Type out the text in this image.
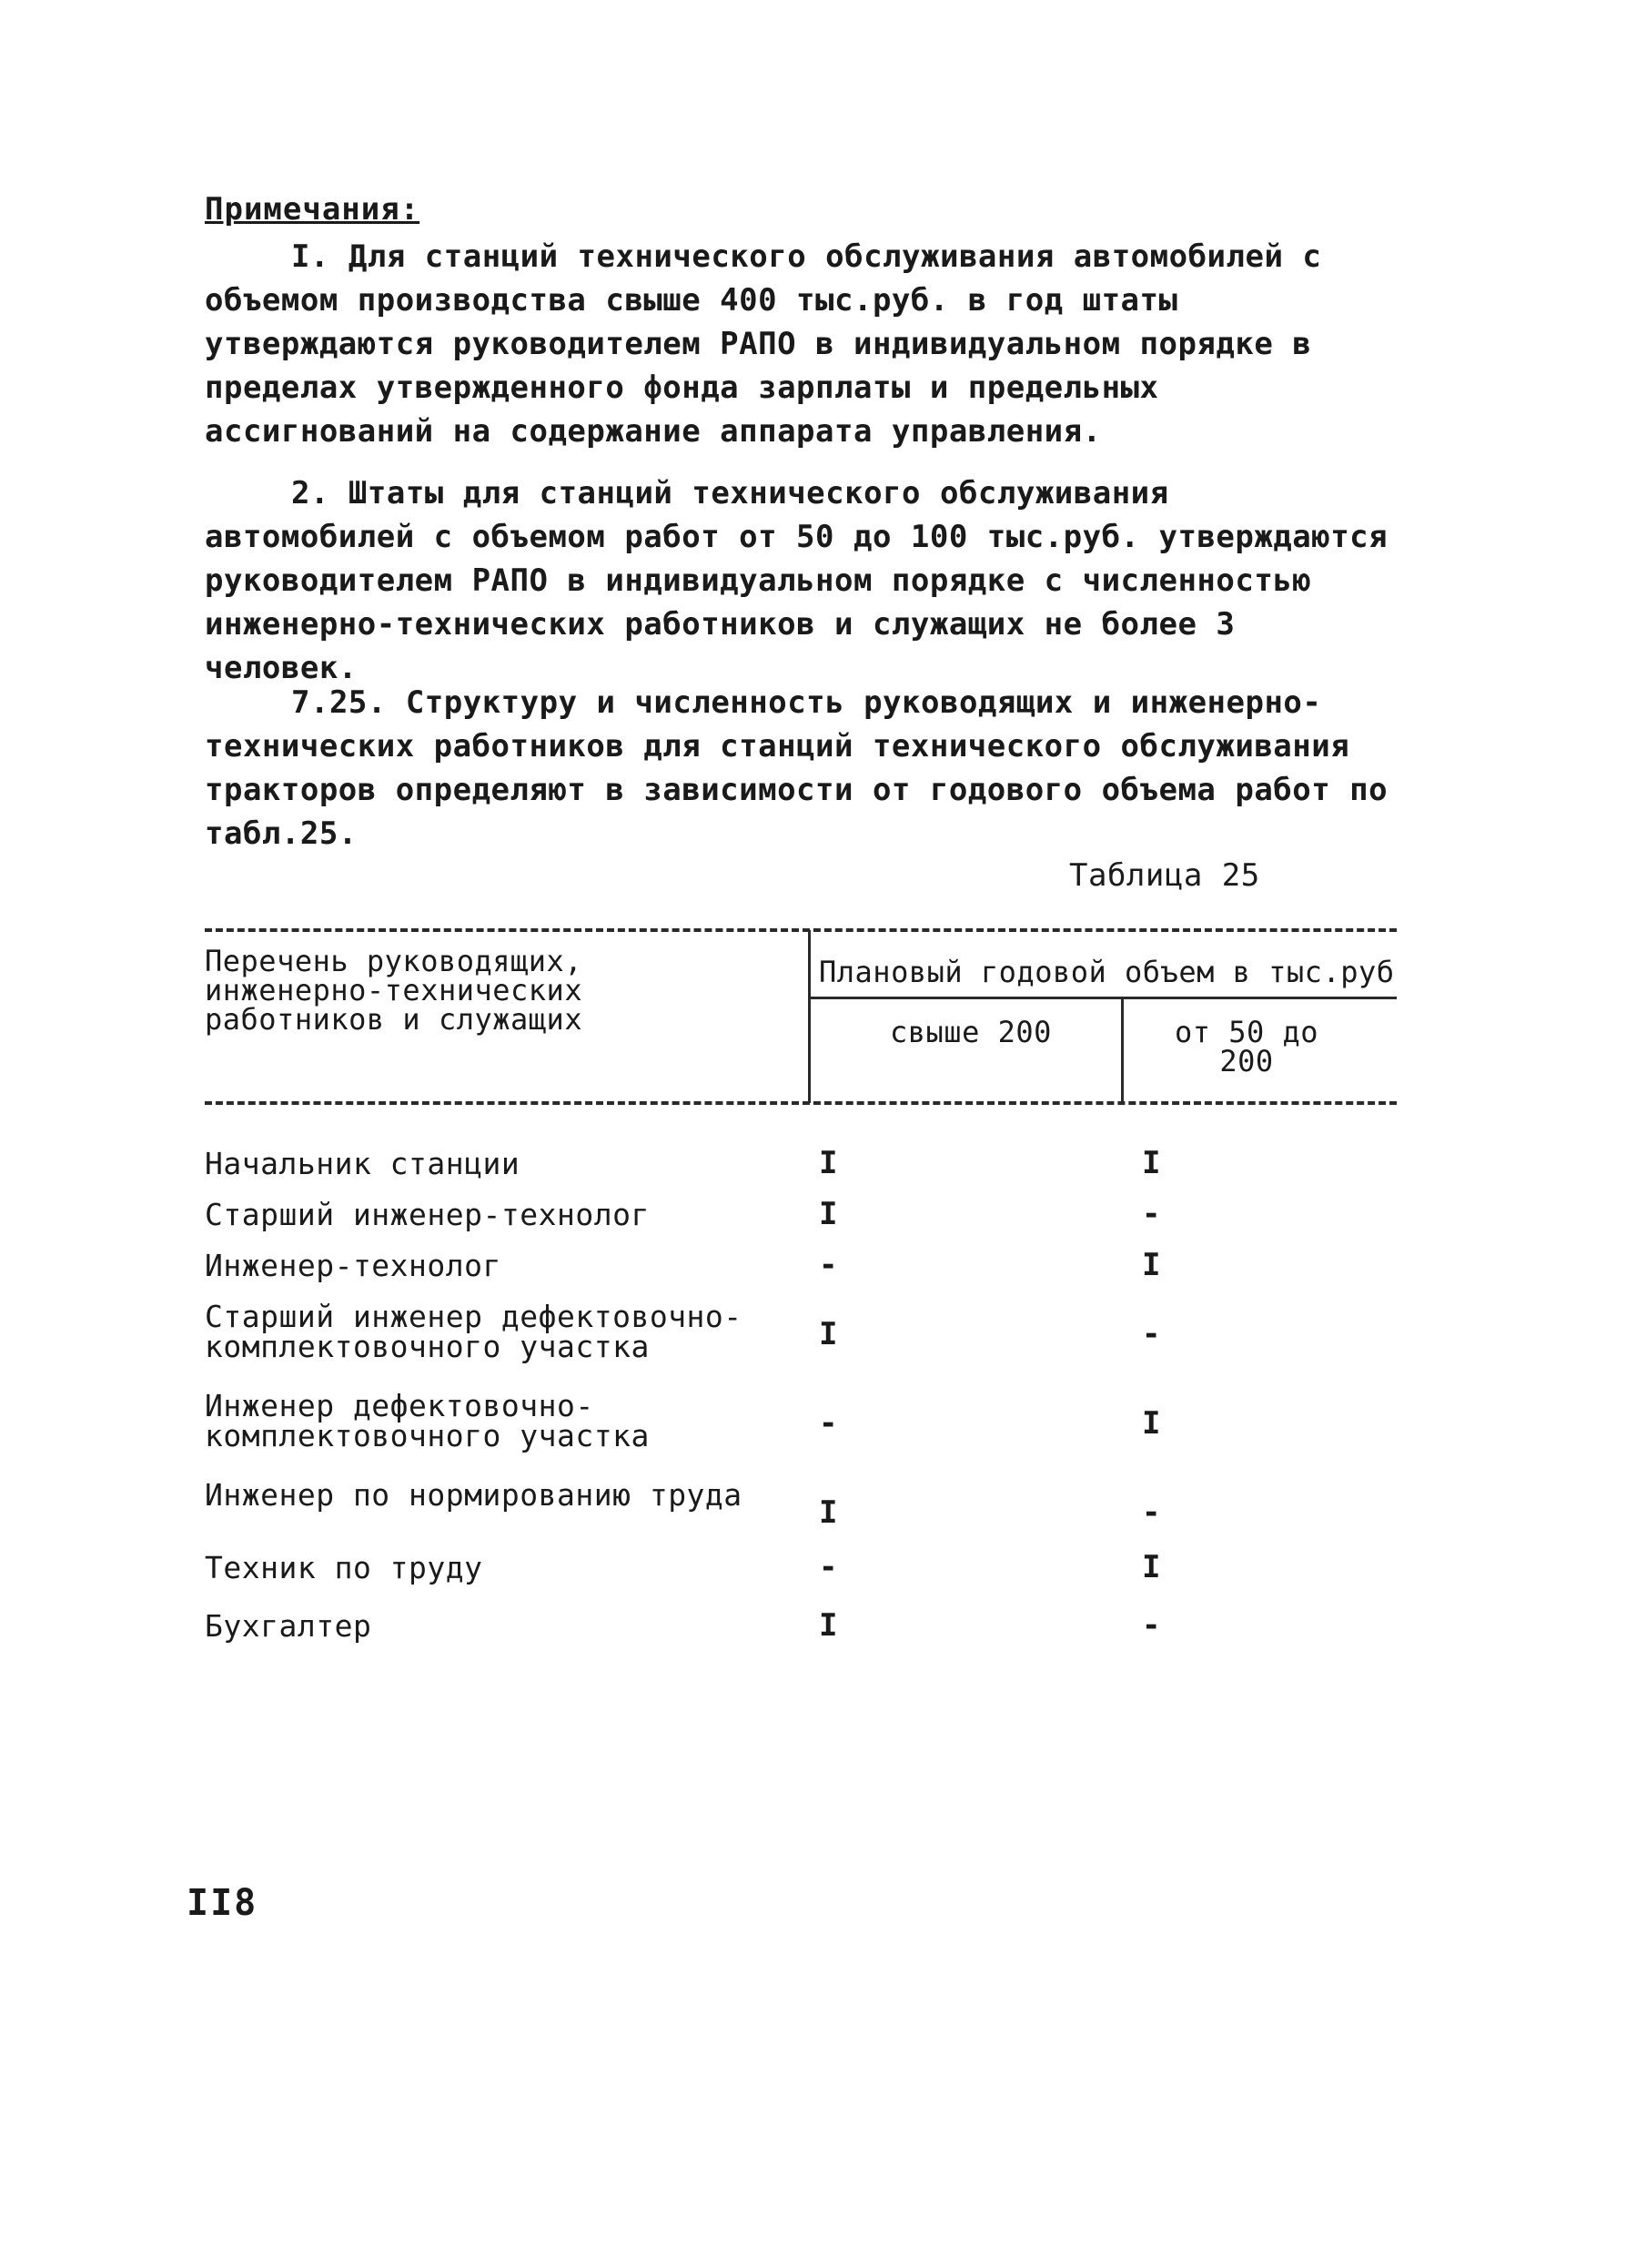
Примечания:

I. Для станций технического обслуживания автомобилей с объемом производства свыше 400 тыс.руб. в год штаты утверждаются руководителем РАПО в индивидуальном порядке в пределах утвержденного фонда зарплаты и предельных ассигнований на содержание аппарата управления.

2. Штаты для станций технического обслуживания автомобилей с объемом работ от 50 до 100 тыс.руб. утверждаются руководителем РАПО в индивидуальном порядке с численностью инженерно-технических работников и служащих не более 3 человек.

7.25. Структуру и численность руководящих и инженерно-технических работников для станций технического обслуживания тракторов определяют в зависимости от годового объема работ по табл.25.

Таблица 25
Перечень руководящих, инженерно-технических работников и служащих
Плановый годовой объем в тыс.руб
свыше 200	от 50 до 200
Начальник станции	I	I
Старший инженер-технолог	I	-
Инженер-технолог	-	I
Старший инженер дефектовочно-комплектовочного участка	I	-
Инженер дефектовочно-комплектовочного участка	-	I
Инженер по нормированию труда	I	-
Техник по труду	-	I
Бухгалтер	I	-
II8
